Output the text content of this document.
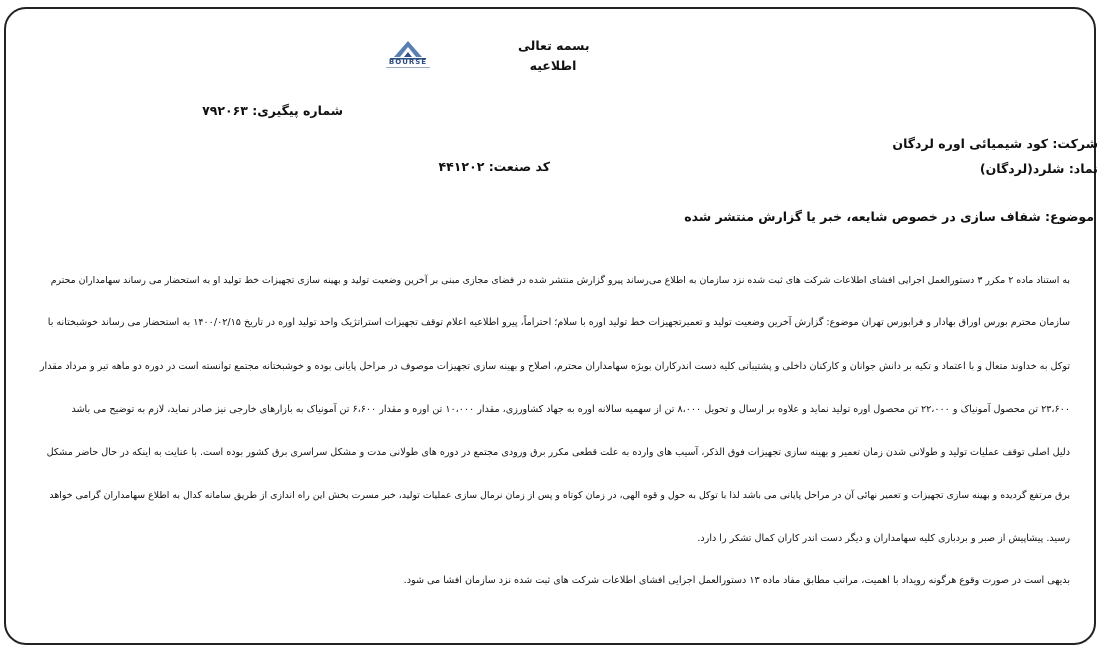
بسمه تعالی
اطلاعیه
BOURSE
شماره پیگیری: ۷۹۲۰۶۳
شرکت: کود شیمیائی اوره لردگان
نماد: شلرد(لردگان)
کد صنعت: ۴۴۱۲۰۲
موضوع: شفاف سازی در خصوص شایعه، خبر یا گزارش منتشر شده
به استناد ماده ۲ مکرر ۳ دستورالعمل اجرایی افشای اطلاعات شرکت های ثبت شده نزد سازمان به اطلاع می‌رساند پیرو گزارش منتشر شده در فضای مجازی مبنی بر آخرین وضعیت تولید و بهینه سازی تجهیزات خط تولید او به استحضار می رساند سهامداران محترم
سازمان محترم بورس اوراق بهادار و فرابورس تهران موضوع: گزارش آخرین وضعیت تولید و تعمیرتجهیزات خط تولید اوره با سلام؛ احتراماً، پیرو اطلاعیه اعلام توقف تجهیزات استراتژیک واحد تولید اوره در تاریخ ۱۴۰۰/۰۲/۱۵ به استحضار می رساند خوشبختانه با
توکل به خداوند متعال و با اعتماد و تکیه بر دانش جوانان و کارکنان داخلی و پشتیبانی کلیه دست اندرکاران بویژه سهامداران محترم، اصلاح و بهینه سازی تجهیزات موصوف در مراحل پایانی بوده و خوشبختانه مجتمع توانسته است در دوره دو ماهه تیر و مرداد مقدار
۲۳،۶۰۰ تن محصول آمونیاک و ۲۲،۰۰۰ تن محصول اوره تولید نماید و علاوه بر ارسال و تحویل ۸،۰۰۰ تن از سهمیه سالانه اوره به جهاد کشاورزی، مقدار ۱۰،۰۰۰ تن اوره و مقدار ۶،۶۰۰ تن آمونیاک به بازارهای خارجی نیز صادر نماید، لازم به توضیح می باشد
دلیل اصلی توقف عملیات تولید و طولانی شدن زمان تعمیر و بهینه سازی تجهیزات فوق الذکر، آسیب های وارده به علت قطعی مکرر برق ورودی مجتمع در دوره های طولانی مدت و مشکل سراسری برق کشور بوده است. با عنایت به اینکه در حال حاضر مشکل
برق مرتفع گردیده و بهینه سازی تجهیزات و تعمیر نهائی آن در مراحل پایانی می باشد لذا با توکل به حول و قوه الهی، در زمان کوتاه و پس از زمان نرمال سازی عملیات تولید، خبر مسرت بخش این راه اندازی از طریق سامانه کدال به اطلاع سهامداران گرامی خواهد
رسید. پیشاپیش از صبر و بردباری کلیه سهامداران و دیگر دست اندر کاران کمال تشکر را دارد.
بدیهی است در صورت وقوع هرگونه رویداد با اهمیت، مراتب مطابق مفاد ماده ۱۳ دستورالعمل اجرایی افشای اطلاعات شرکت های ثبت شده نزد سازمان افشا می شود.
